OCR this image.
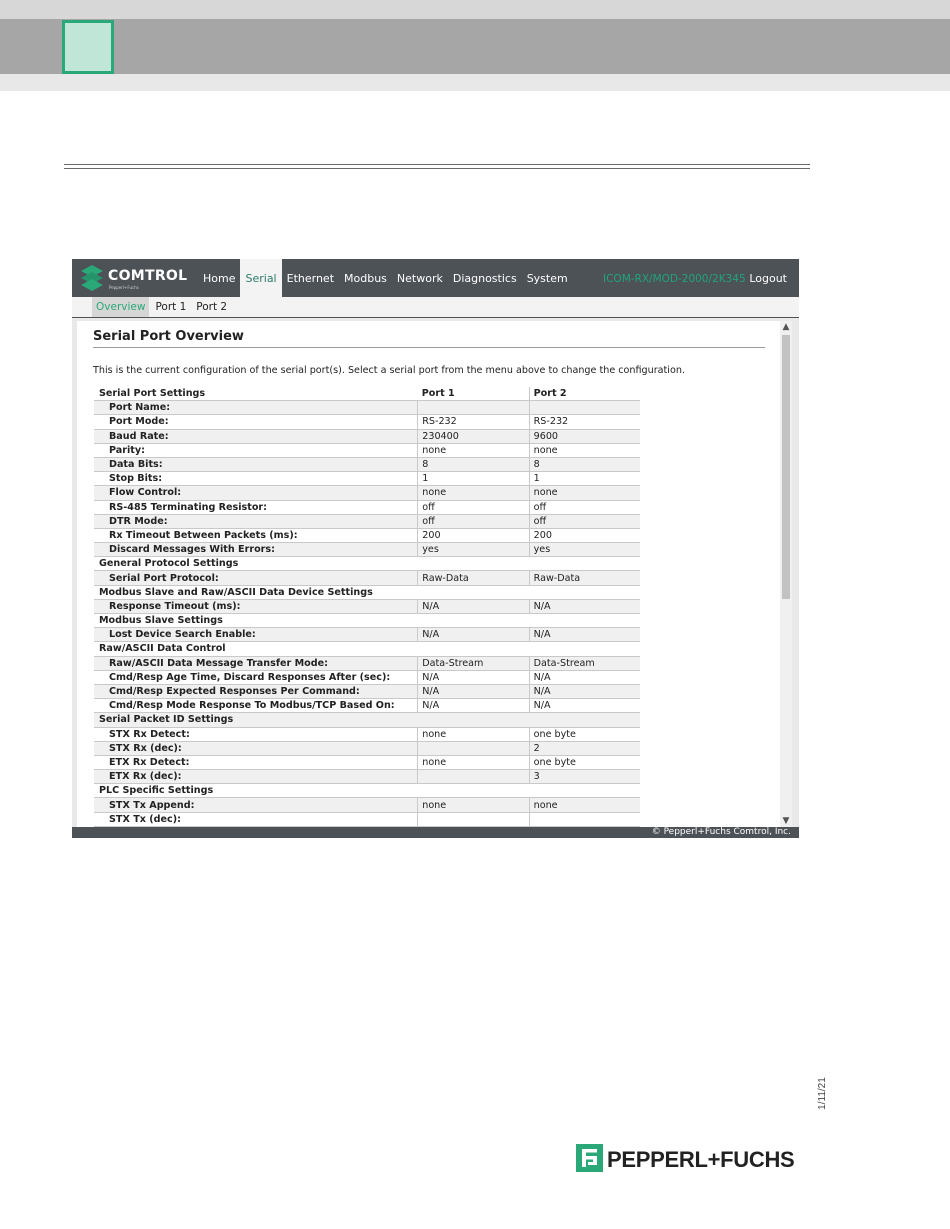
COMTROL
Pepperl+Fuchs
Home Serial Ethernet Modbus Network Diagnostics System	ICOM-RX/MOD-2000/2K345 Logout
Overview Port 1 Port 2
Serial Port Overview
This is the current configuration of the serial port(s). Select a serial port from the menu above to change the configuration.
Serial Port Settings	Port 1	Port 2
Port Name:		
Port Mode:	RS-232	RS-232
Baud Rate:	230400	9600
Parity:	none	none
Data Bits:	8	8
Stop Bits:	1	1
Flow Control:	none	none
RS-485 Terminating Resistor:	off	off
DTR Mode:	off	off
Rx Timeout Between Packets (ms):	200	200
Discard Messages With Errors:	yes	yes
General Protocol Settings		
Serial Port Protocol:	Raw-Data	Raw-Data
Modbus Slave and Raw/ASCII Data Device Settings		
Response Timeout (ms):	N/A	N/A
Modbus Slave Settings		
Lost Device Search Enable:	N/A	N/A
Raw/ASCII Data Control		
Raw/ASCII Data Message Transfer Mode:	Data-Stream	Data-Stream
Cmd/Resp Age Time, Discard Responses After (sec):	N/A	N/A
Cmd/Resp Expected Responses Per Command:	N/A	N/A
Cmd/Resp Mode Response To Modbus/TCP Based On:	N/A	N/A
Serial Packet ID Settings		
STX Rx Detect:	none	one byte
STX Rx (dec):		2
ETX Rx Detect:	none	one byte
ETX Rx (dec):		3
PLC Specific Settings		
STX Tx Append:	none	none
STX Tx (dec):		
▲
▼
© Pepperl+Fuchs Comtrol, Inc.
1/11/21
PEPPERL+FUCHS
